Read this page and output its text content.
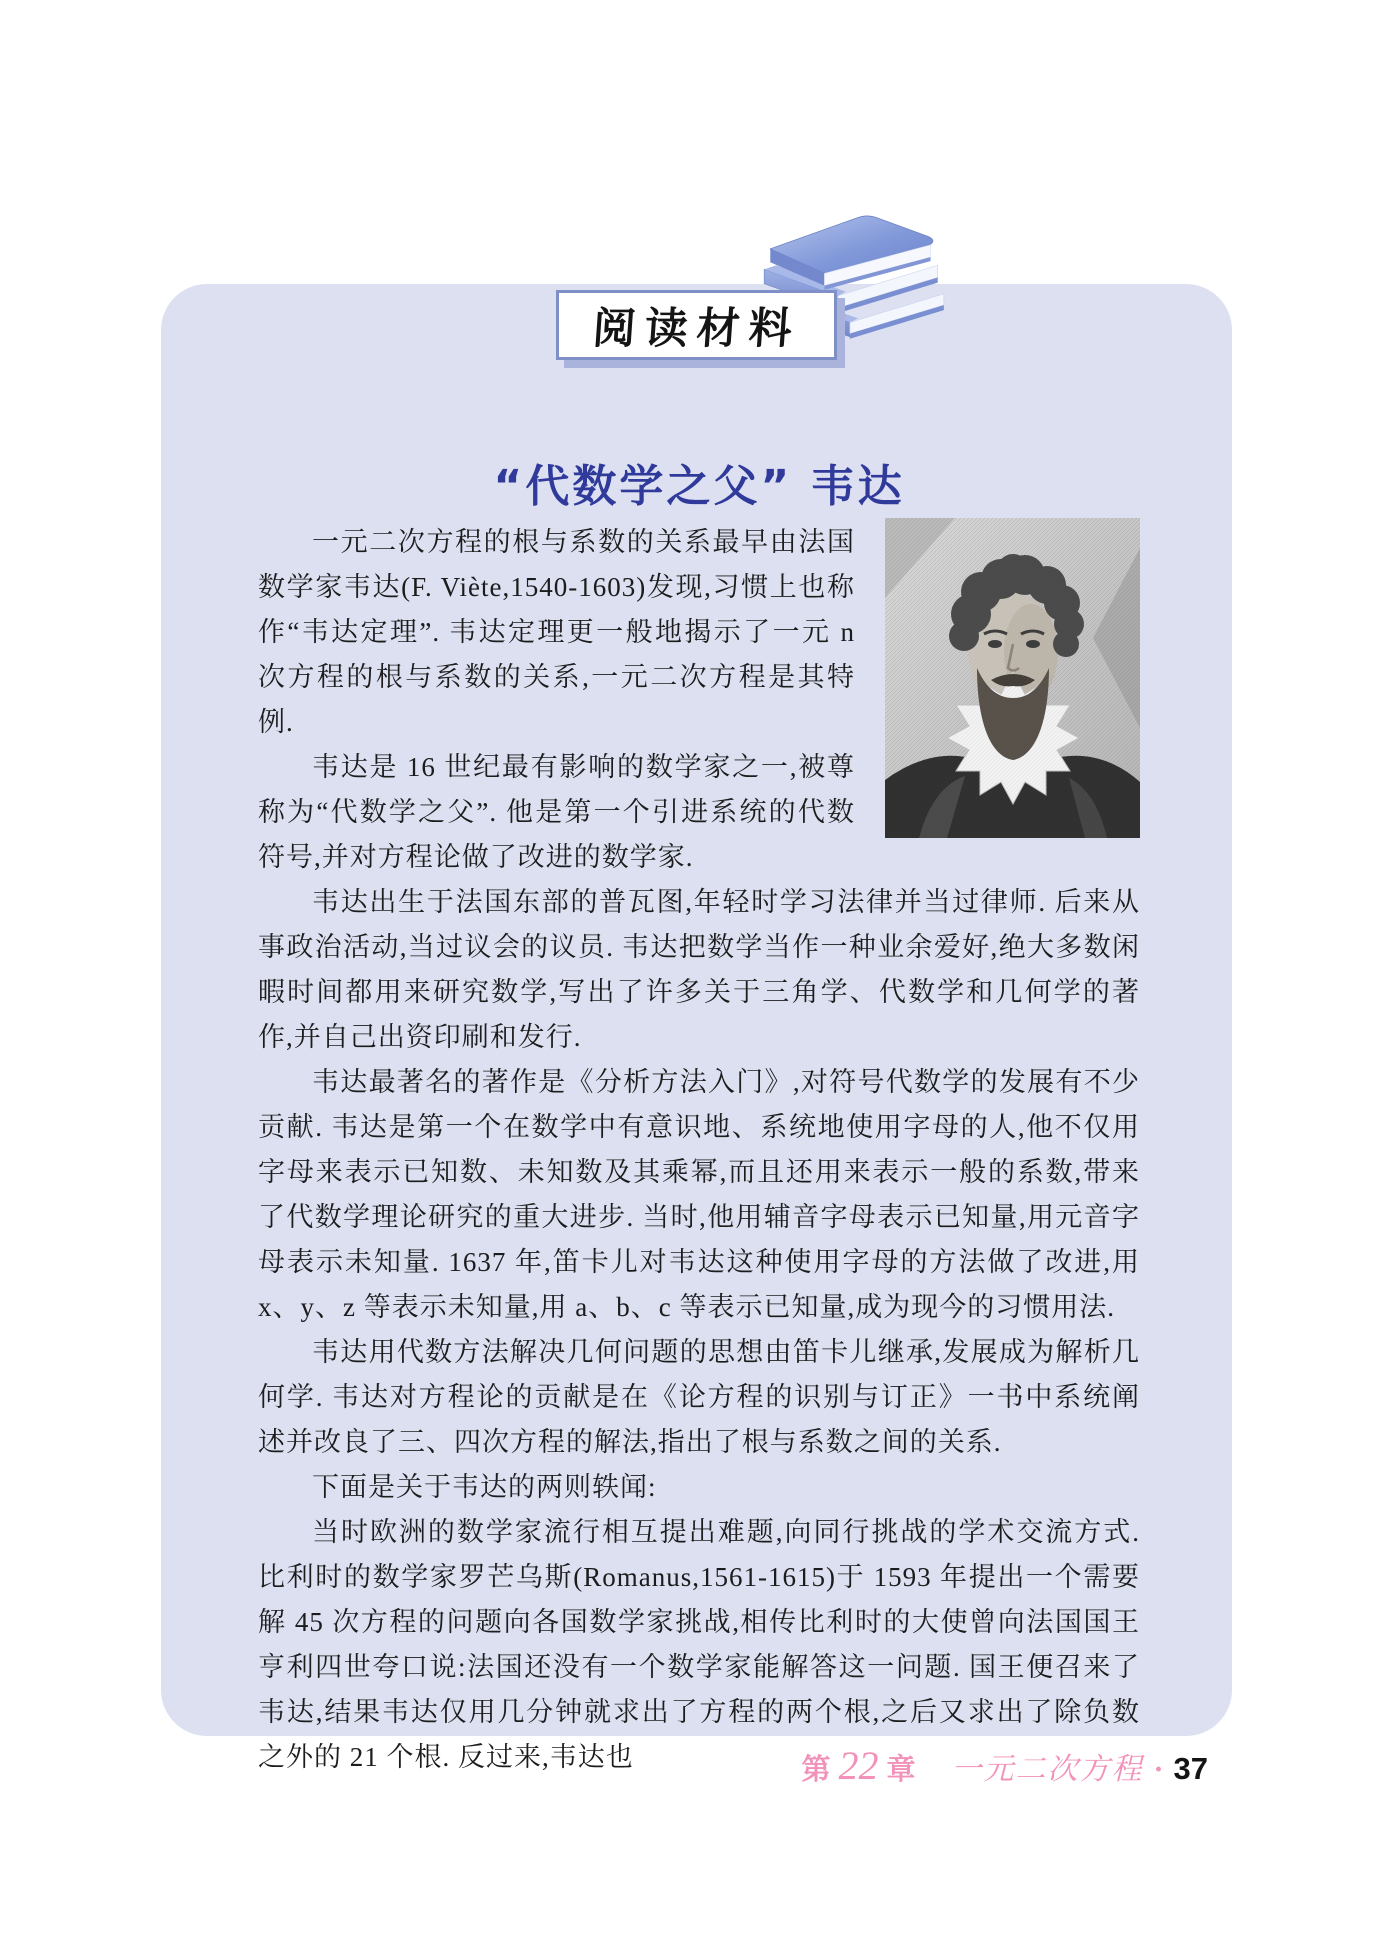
阅读材料
“代数学之父” 韦达

一元二次方程的根与系数的关系最早由法国数学家韦达(F. Viète,1540-1603)发现,习惯上也称作“韦达定理”. 韦达定理更一般地揭示了一元 n 次方程的根与系数的关系,一元二次方程是其特例.

韦达是 16 世纪最有影响的数学家之一,被尊称为“代数学之父”. 他是第一个引进系统的代数符号,并对方程论做了改进的数学家.

韦达出生于法国东部的普瓦图,年轻时学习法律并当过律师. 后来从事政治活动,当过议会的议员. 韦达把数学当作一种业余爱好,绝大多数闲暇时间都用来研究数学,写出了许多关于三角学、代数学和几何学的著作,并自己出资印刷和发行.

韦达最著名的著作是《分析方法入门》,对符号代数学的发展有不少贡献. 韦达是第一个在数学中有意识地、系统地使用字母的人,他不仅用字母来表示已知数、未知数及其乘幂,而且还用来表示一般的系数,带来了代数学理论研究的重大进步. 当时,他用辅音字母表示已知量,用元音字母表示未知量. 1637 年,笛卡儿对韦达这种使用字母的方法做了改进,用 x、y、z 等表示未知量,用 a、b、c 等表示已知量,成为现今的习惯用法.

韦达用代数方法解决几何问题的思想由笛卡儿继承,发展成为解析几何学. 韦达对方程论的贡献是在《论方程的识别与订正》一书中系统阐述并改良了三、四次方程的解法,指出了根与系数之间的关系.

下面是关于韦达的两则轶闻:

当时欧洲的数学家流行相互提出难题,向同行挑战的学术交流方式. 比利时的数学家罗芒乌斯(Romanus,1561-1615)于 1593 年提出一个需要解 45 次方程的问题向各国数学家挑战,相传比利时的大使曾向法国国王亨利四世夸口说:法国还没有一个数学家能解答这一问题. 国王便召来了韦达,结果韦达仅用几分钟就求出了方程的两个根,之后又求出了除负数之外的 21 个根. 反过来,韦达也	第 22 章 一元二次方程 · 37
